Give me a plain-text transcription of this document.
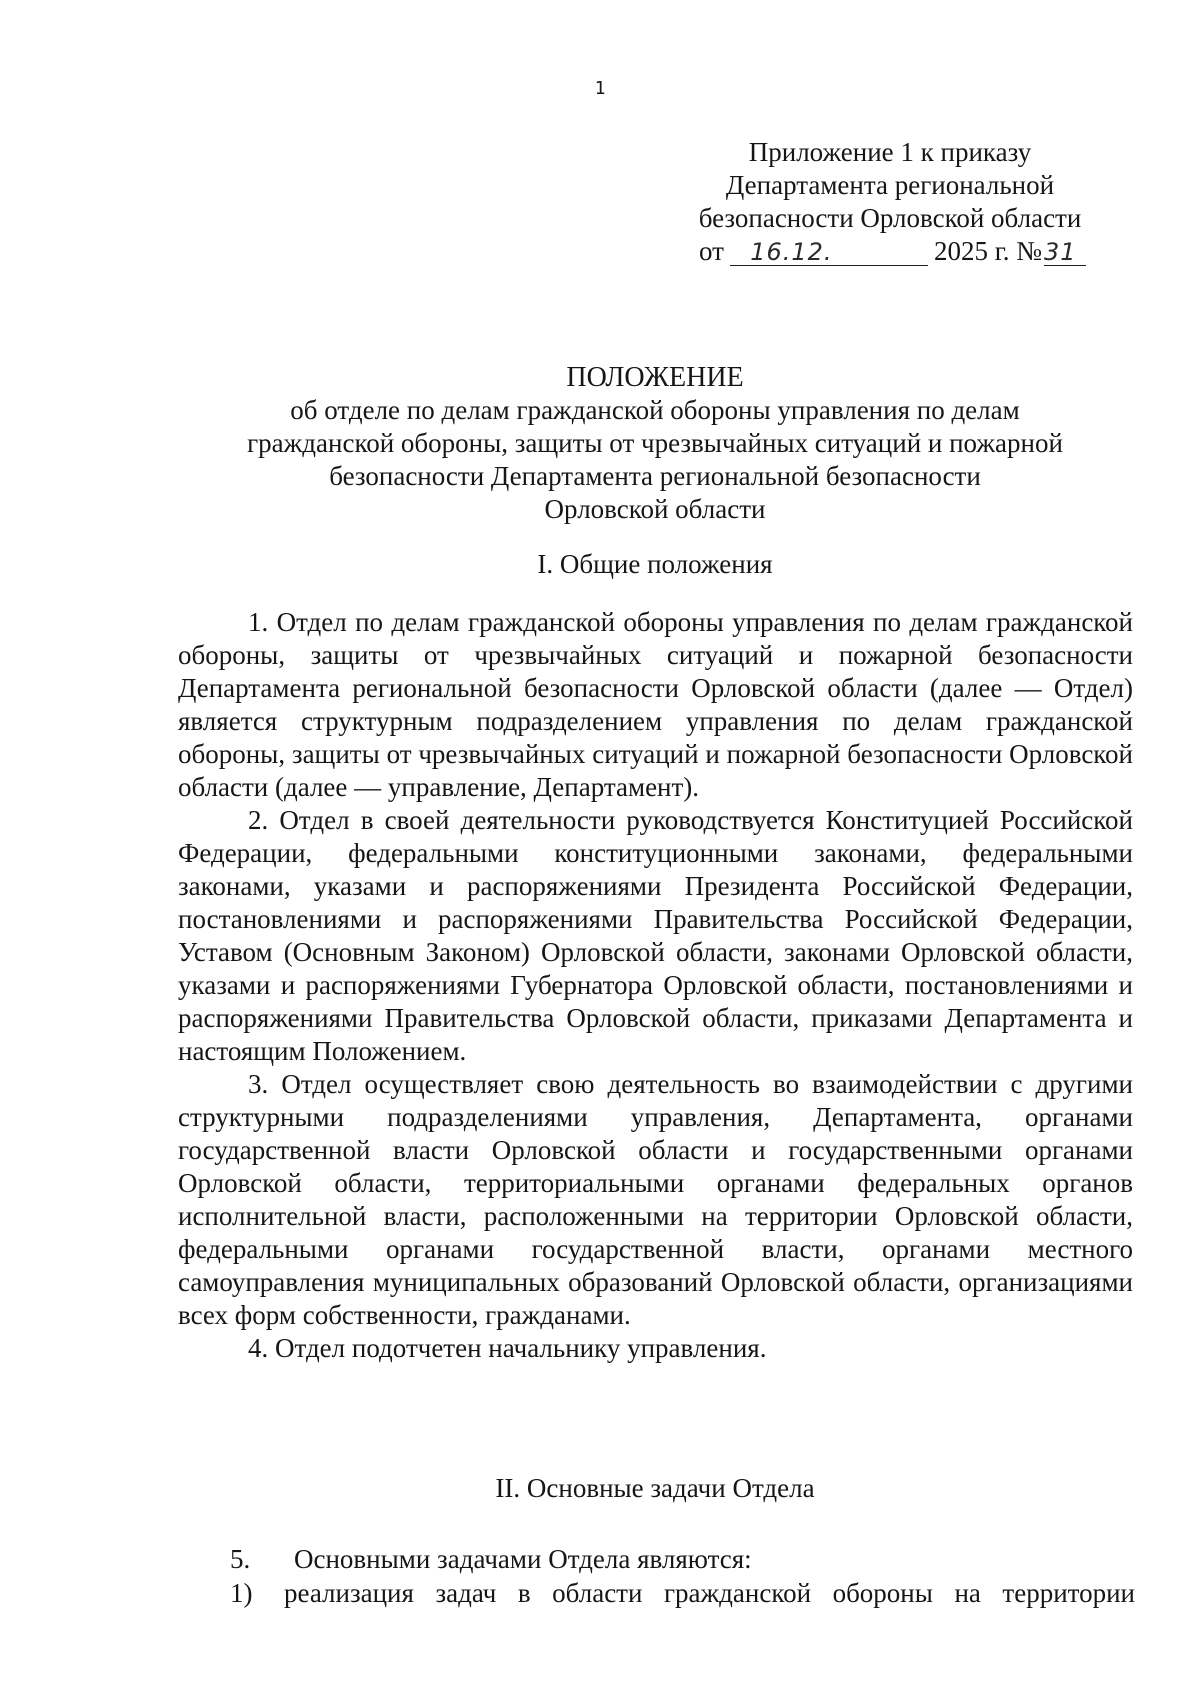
1
Приложение 1 к приказу
Департамента региональной
безопасности Орловской области
от 16.12.	2025 г. №31
ПОЛОЖЕНИЕ
об отделе по делам гражданской обороны управления по делам
гражданской обороны, защиты от чрезвычайных ситуаций и пожарной
безопасности Департамента региональной безопасности
Орловской области
I. Общие положения

1. Отдел по делам гражданской обороны управления по делам гражданской обороны, защиты от чрезвычайных ситуаций и пожарной безопасности Департамента региональной безопасности Орловской области (далее — Отдел) является структурным подразделением управления по делам гражданской обороны, защиты от чрезвычайных ситуаций и пожарной безопасности Орловской области (далее — управление, Департамент).

2. Отдел в своей деятельности руководствуется Конституцией Российской Федерации, федеральными конституционными законами, федеральными законами, указами и распоряжениями Президента Российской Федерации, постановлениями и распоряжениями Правительства Российской Федерации, Уставом (Основным Законом) Орловской области, законами Орловской области, указами и распоряжениями Губернатора Орловской области, постановлениями и распоряжениями Правительства Орловской области, приказами Департамента и настоящим Положением.

3. Отдел осуществляет свою деятельность во взаимодействии с другими структурными подразделениями управления, Департамента, органами государственной власти Орловской области и государственными органами Орловской области, территориальными органами федеральных органов исполнительной власти, расположенными на территории Орловской области, федеральными органами государственной власти, органами местного самоуправления муниципальных образований Орловской области, организациями всех форм собственности, гражданами.

4. Отдел подотчетен начальнику управления.

II. Основные задачи Отдела
5. Основными задачами Отдела являются:
1) реализация задач в области гражданской обороны на территории
